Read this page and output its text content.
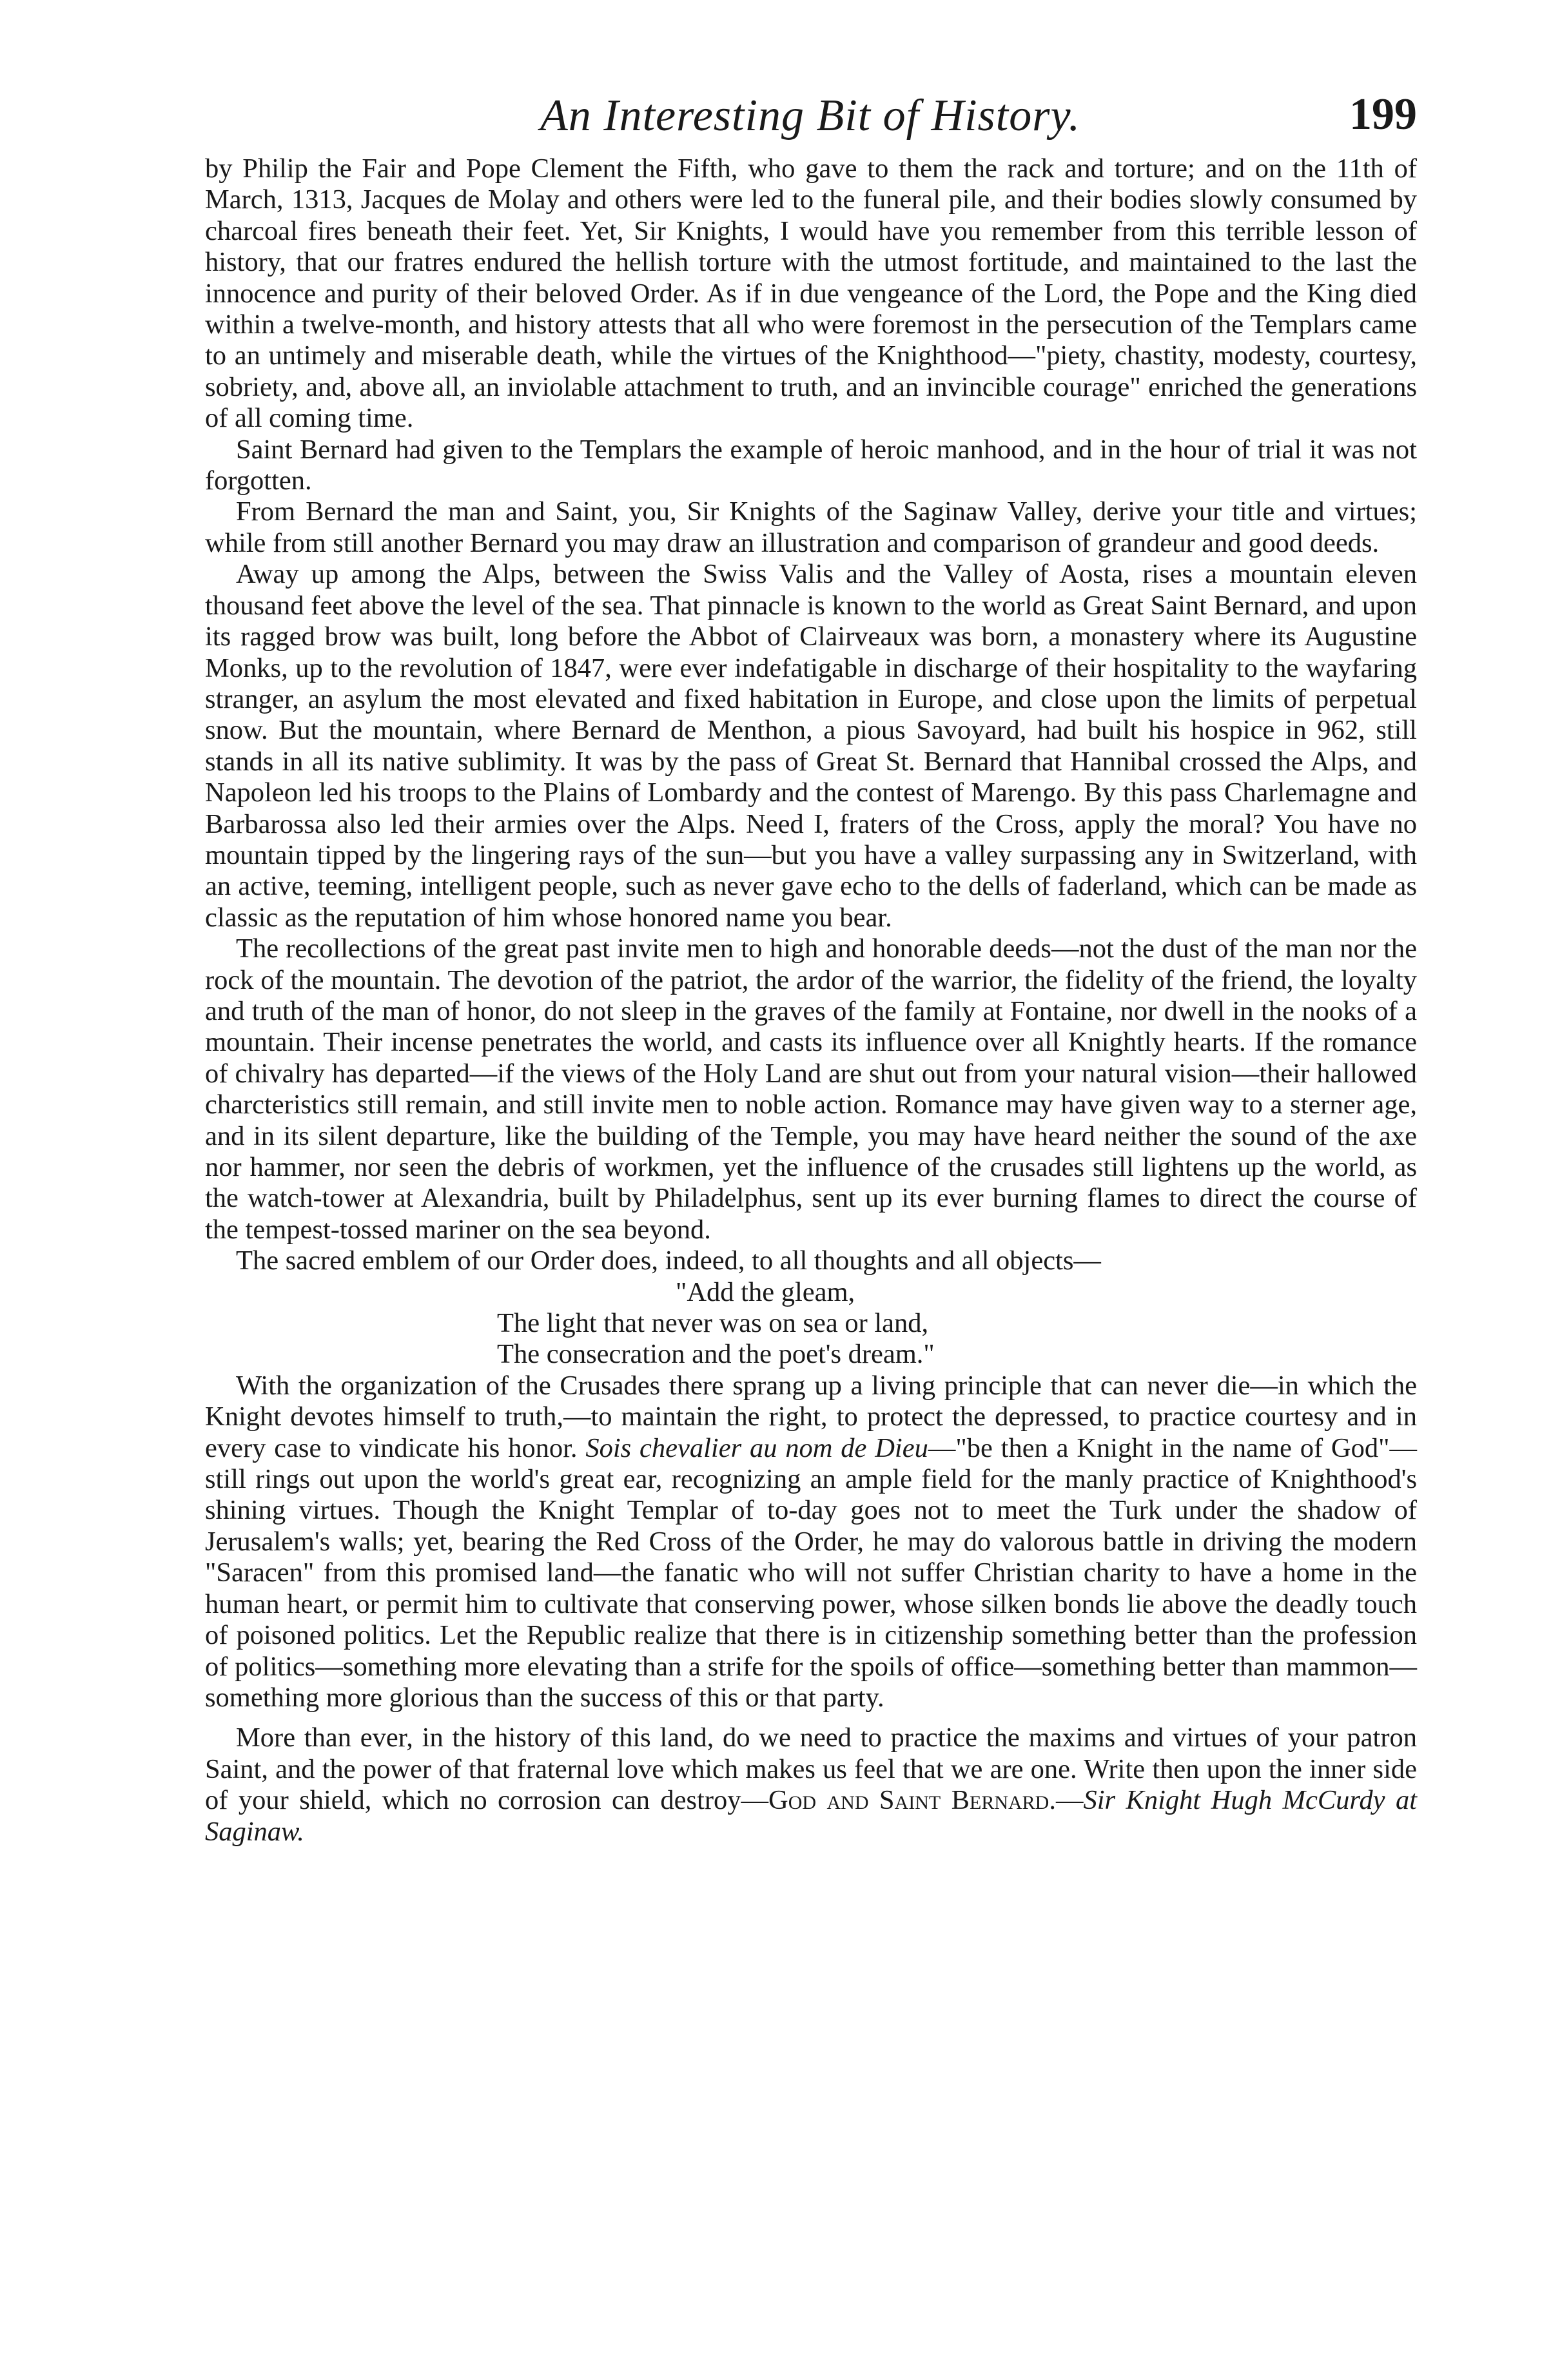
An Interesting Bit of History.	199

by Philip the Fair and Pope Clement the Fifth, who gave to them the rack and torture; and on the 11th of March, 1313, Jacques de Molay and others were led to the funeral pile, and their bodies slowly consumed by charcoal fires beneath their feet. Yet, Sir Knights, I would have you remember from this terrible lesson of history, that our fratres endured the hellish torture with the utmost fortitude, and maintained to the last the innocence and purity of their beloved Order. As if in due vengeance of the Lord, the Pope and the King died within a twelve-month, and history attests that all who were foremost in the persecution of the Templars came to an untimely and miserable death, while the virtues of the Knighthood—"piety, chastity, modesty, courtesy, sobriety, and, above all, an inviolable attachment to truth, and an invincible courage" enriched the generations of all coming time.

Saint Bernard had given to the Templars the example of heroic manhood, and in the hour of trial it was not forgotten.

From Bernard the man and Saint, you, Sir Knights of the Saginaw Valley, derive your title and virtues; while from still another Bernard you may draw an illustration and comparison of grandeur and good deeds.

Away up among the Alps, between the Swiss Valis and the Valley of Aosta, rises a mountain eleven thousand feet above the level of the sea. That pinnacle is known to the world as Great Saint Bernard, and upon its ragged brow was built, long before the Abbot of Clairveaux was born, a monastery where its Augustine Monks, up to the revolution of 1847, were ever indefatigable in discharge of their hospitality to the wayfaring stranger, an asylum the most elevated and fixed habitation in Europe, and close upon the limits of perpetual snow. But the mountain, where Bernard de Menthon, a pious Savoyard, had built his hospice in 962, still stands in all its native sublimity. It was by the pass of Great St. Bernard that Hannibal crossed the Alps, and Napoleon led his troops to the Plains of Lombardy and the contest of Marengo. By this pass Charlemagne and Barbarossa also led their armies over the Alps. Need I, fraters of the Cross, apply the moral? You have no mountain tipped by the lingering rays of the sun—but you have a valley surpassing any in Switzerland, with an active, teeming, intelligent people, such as never gave echo to the dells of faderland, which can be made as classic as the reputation of him whose honored name you bear.

The recollections of the great past invite men to high and honorable deeds—not the dust of the man nor the rock of the mountain. The devotion of the patriot, the ardor of the warrior, the fidelity of the friend, the loyalty and truth of the man of honor, do not sleep in the graves of the family at Fontaine, nor dwell in the nooks of a mountain. Their incense penetrates the world, and casts its influence over all Knightly hearts. If the romance of chivalry has departed—if the views of the Holy Land are shut out from your natural vision—their hallowed charcteristics still remain, and still invite men to noble action. Romance may have given way to a sterner age, and in its silent departure, like the building of the Temple, you may have heard neither the sound of the axe nor hammer, nor seen the debris of workmen, yet the influence of the crusades still lightens up the world, as the watch-tower at Alexandria, built by Philadelphus, sent up its ever burning flames to direct the course of the tempest-tossed mariner on the sea beyond.

The sacred emblem of our Order does, indeed, to all thoughts and all objects—

"Add the gleam,
The light that never was on sea or land,
The consecration and the poet's dream."

With the organization of the Crusades there sprang up a living principle that can never die—in which the Knight devotes himself to truth,—to maintain the right, to protect the depressed, to practice courtesy and in every case to vindicate his honor. Sois chevalier au nom de Dieu—"be then a Knight in the name of God"—still rings out upon the world's great ear, recognizing an ample field for the manly practice of Knighthood's shining virtues. Though the Knight Templar of to-day goes not to meet the Turk under the shadow of Jerusalem's walls; yet, bearing the Red Cross of the Order, he may do valorous battle in driving the modern "Saracen" from this promised land—the fanatic who will not suffer Christian charity to have a home in the human heart, or permit him to cultivate that conserving power, whose silken bonds lie above the deadly touch of poisoned politics. Let the Republic realize that there is in citizenship something better than the profession of politics—something more elevating than a strife for the spoils of office—something better than mammon—something more glorious than the success of this or that party.

More than ever, in the history of this land, do we need to practice the maxims and virtues of your patron Saint, and the power of that fraternal love which makes us feel that we are one. Write then upon the inner side of your shield, which no corrosion can destroy—God and Saint Bernard.—Sir Knight Hugh McCurdy at Saginaw.
